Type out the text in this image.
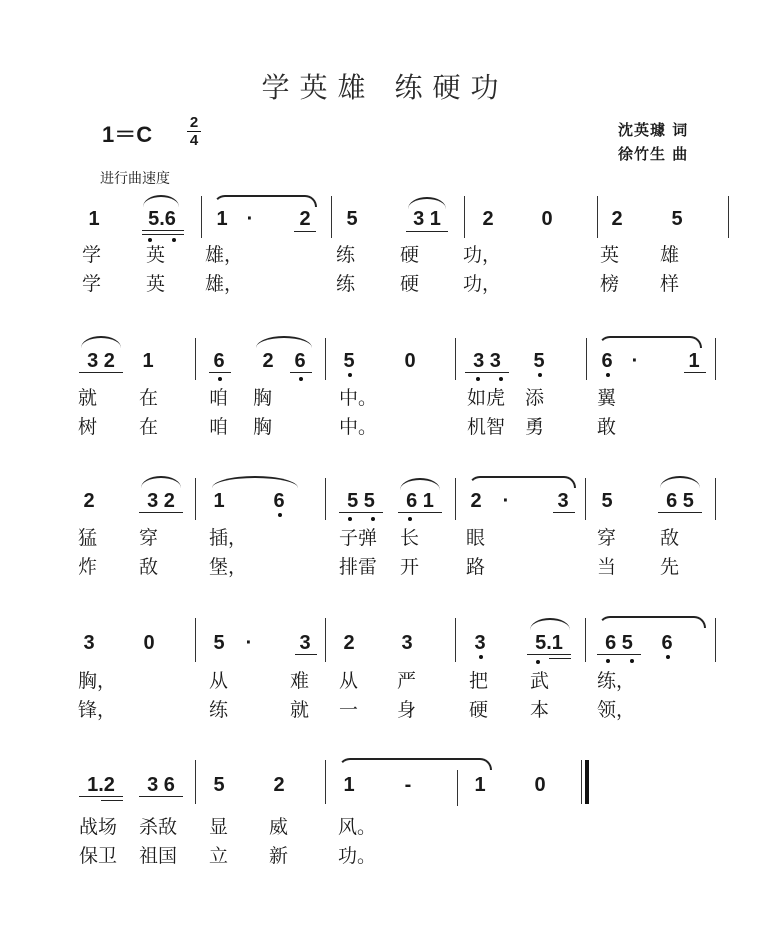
学英雄 练硬功
1＝C	2
4
沈英璩 词
徐竹生 曲
进行曲速度
1	5.6	1 ·	2 5	3 1	2 0	2 5
学 英 雄，	练 硬 功，	英 雄
学 英 雄，	练 硬 功，	榜 样
3 2	1	6 2 6 5 0	3 3	5	6 ·	1
就 在	咱 胸	中。	如虎 添	翼
树 在	咱 胸	中。	机智 勇	敢
2	3 2	1 6	5 5	6 1	2	·	3 5	6 5
猛 穿	插，	子弹 长 眼	穿 敌
炸 敌	堡，	排雷 开 路	当 先
3 0	5	·	3 2 3	3	5.1	6 5	6
胸，	从	难 从 严	把 武	练，
锋，	练	就 一 身	硬 本	领，
1.2	3 6	5 2	1	-	1 0
战场 杀敌 显 威	风。
保卫 祖国 立 新	功。
